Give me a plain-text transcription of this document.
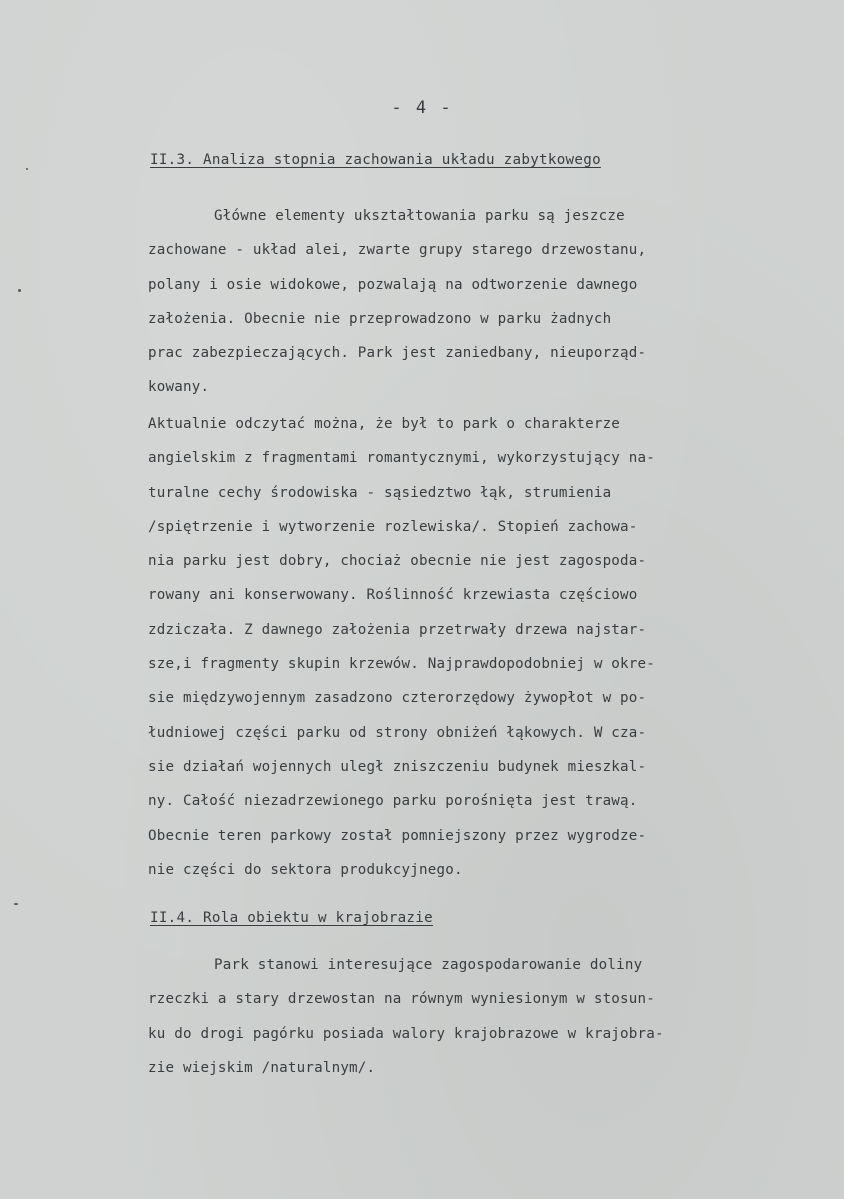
- 4 -
II.3. Analiza stopnia zachowania układu zabytkowego
Główne elementy ukształtowania parku są jeszcze
zachowane - układ alei, zwarte grupy starego drzewostanu,
polany i osie widokowe, pozwalają na odtworzenie dawnego
założenia. Obecnie nie przeprowadzono w parku żadnych
prac zabezpieczających. Park jest zaniedbany, nieuporząd-
kowany.
Aktualnie odczytać można, że był to park o charakterze
angielskim z fragmentami romantycznymi, wykorzystujący na-
turalne cechy środowiska - sąsiedztwo łąk, strumienia
/spiętrzenie i wytworzenie rozlewiska/. Stopień zachowa-
nia parku jest dobry, chociaż obecnie nie jest zagospoda-
rowany ani konserwowany. Roślinność krzewiasta częściowo
zdziczała. Z dawnego założenia przetrwały drzewa najstar-
sze,i fragmenty skupin krzewów. Najprawdopodobniej w okre-
sie międzywojennym zasadzono czterorzędowy żywopłot w po-
łudniowej części parku od strony obniżeń łąkowych. W cza-
sie działań wojennych uległ zniszczeniu budynek mieszkal-
ny. Całość niezadrzewionego parku porośnięta jest trawą.
Obecnie teren parkowy został pomniejszony przez wygrodze-
nie części do sektora produkcyjnego.
II.4. Rola obiektu w krajobrazie
Park stanowi interesujące zagospodarowanie doliny
rzeczki a stary drzewostan na równym wyniesionym w stosun-
ku do drogi pagórku posiada walory krajobrazowe w krajobra-
zie wiejskim /naturalnym/.
